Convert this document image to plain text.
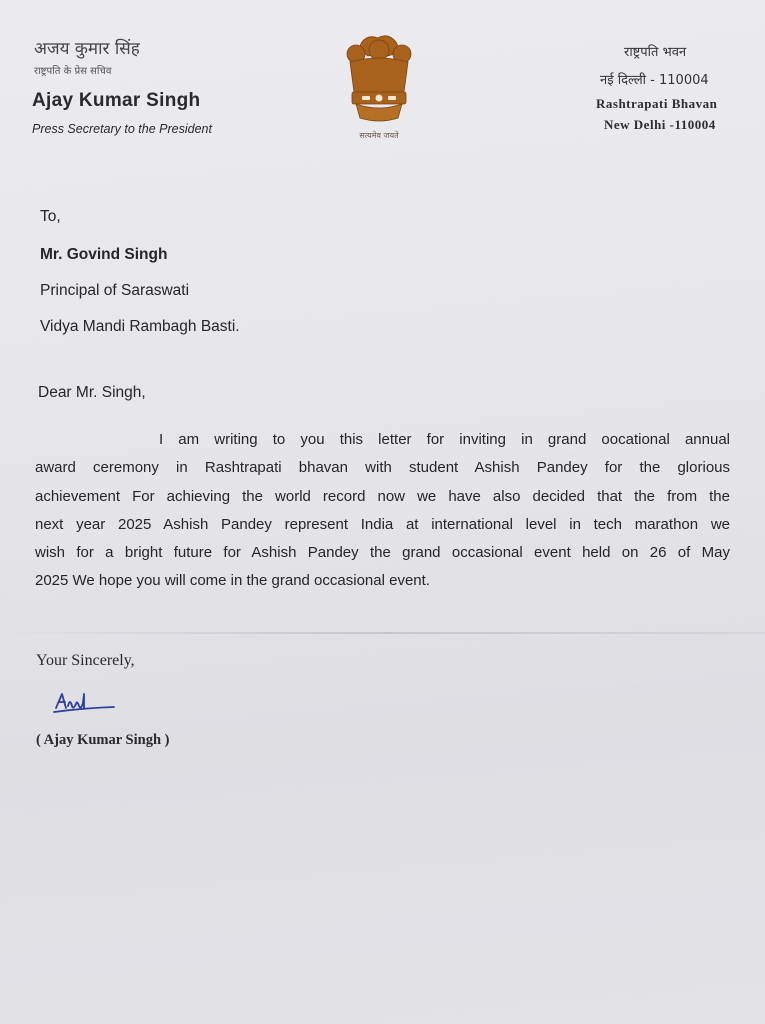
अजय कुमार सिंह
राष्ट्रपति के प्रेस सचिव
Ajay Kumar Singh
Press Secretary to the President	सत्यमेव जयते
राष्ट्रपति भवन
नई दिल्ली - 110004
Rashtrapati Bhavan
New Delhi -110004
To,
Mr. Govind Singh
Principal of Saraswati
Vidya Mandi Rambagh Basti.
Dear Mr. Singh,
I am writing to you this letter for inviting in grand oocational annual
award ceremony in Rashtrapati bhavan with student Ashish Pandey for the glorious
achievement For achieving the world record now we have also decided that the from the
next year 2025 Ashish Pandey represent India at international level in tech marathon we
wish for a bright future for Ashish Pandey the grand occasional event held on 26 of May
2025 We hope you will come in the grand occasional event.
Your Sincerely,
( Ajay Kumar Singh )
